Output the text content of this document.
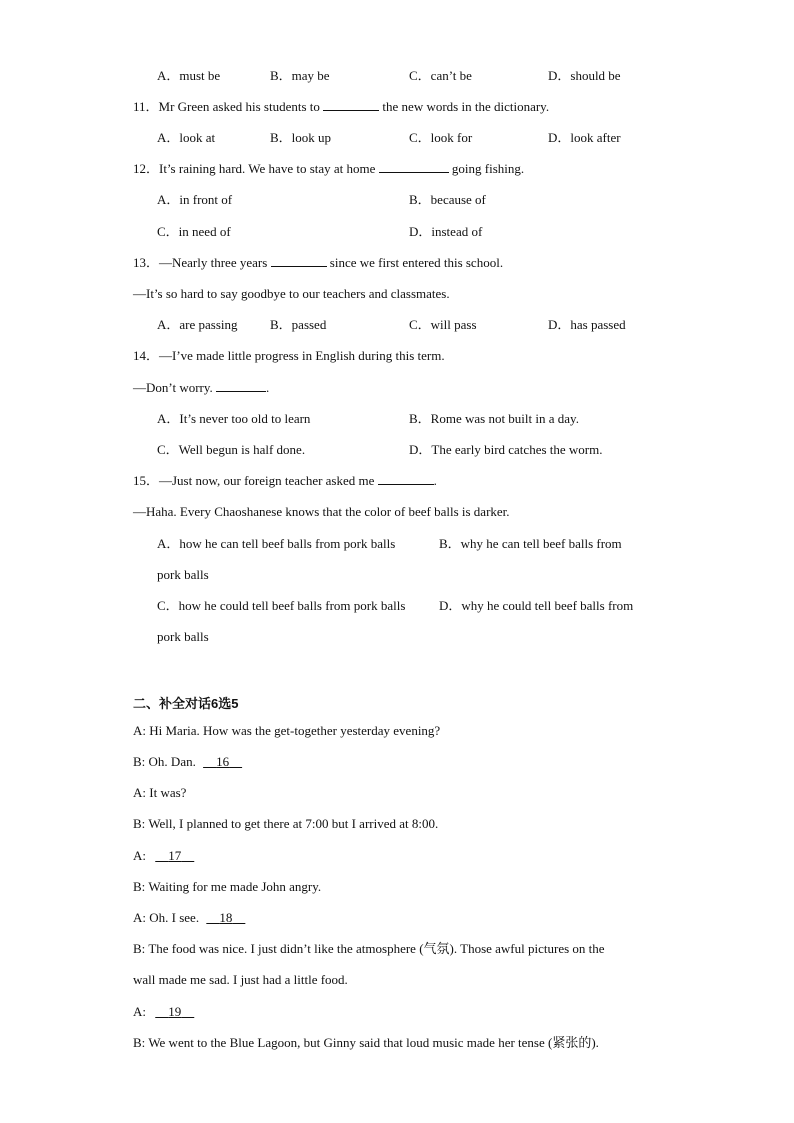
A．must be	B．may be	C．can’t be	D．should be
11．Mr Green asked his students to	the new words in the dictionary.
A．look at	B．look up	C．look for	D．look after
12．It’s raining hard. We have to stay at home	going fishing.
A．in front of	B．because of
C．in need of	D．instead of
13．—Nearly three years	since we first entered this school.
—It’s so hard to say goodbye to our teachers and classmates.
A．are passing B．passed	C．will pass	D．has passed
14．—I’ve made little progress in English during this term.
—Don’t worry.	.
A．It’s never too old to learn	B．Rome was not built in a day.
C．Well begun is half done.	D．The early bird catches the worm.
15．—Just now, our foreign teacher asked me	.
—Haha. Every Chaoshanese knows that the color of beef balls is darker.
A．how he can tell beef balls from pork balls	B．why he can tell beef balls from
pork balls
C．how he could tell beef balls from pork balls	D．why he could tell beef balls from
pork balls
二、补全对话6选5
A: Hi Maria. How was the get-together yesterday evening?
B: Oh. Dan. 16
A: It was?
B: Well, I planned to get there at 7:00 but I arrived at 8:00.
A: 17
B: Waiting for me made John angry.
A: Oh. I see. 18
B: The food was nice. I just didn’t like the atmosphere (气氛). Those awful pictures on the
wall made me sad. I just had a little food.
A: 19
B: We went to the Blue Lagoon, but Ginny said that loud music made her tense (紧张的).
